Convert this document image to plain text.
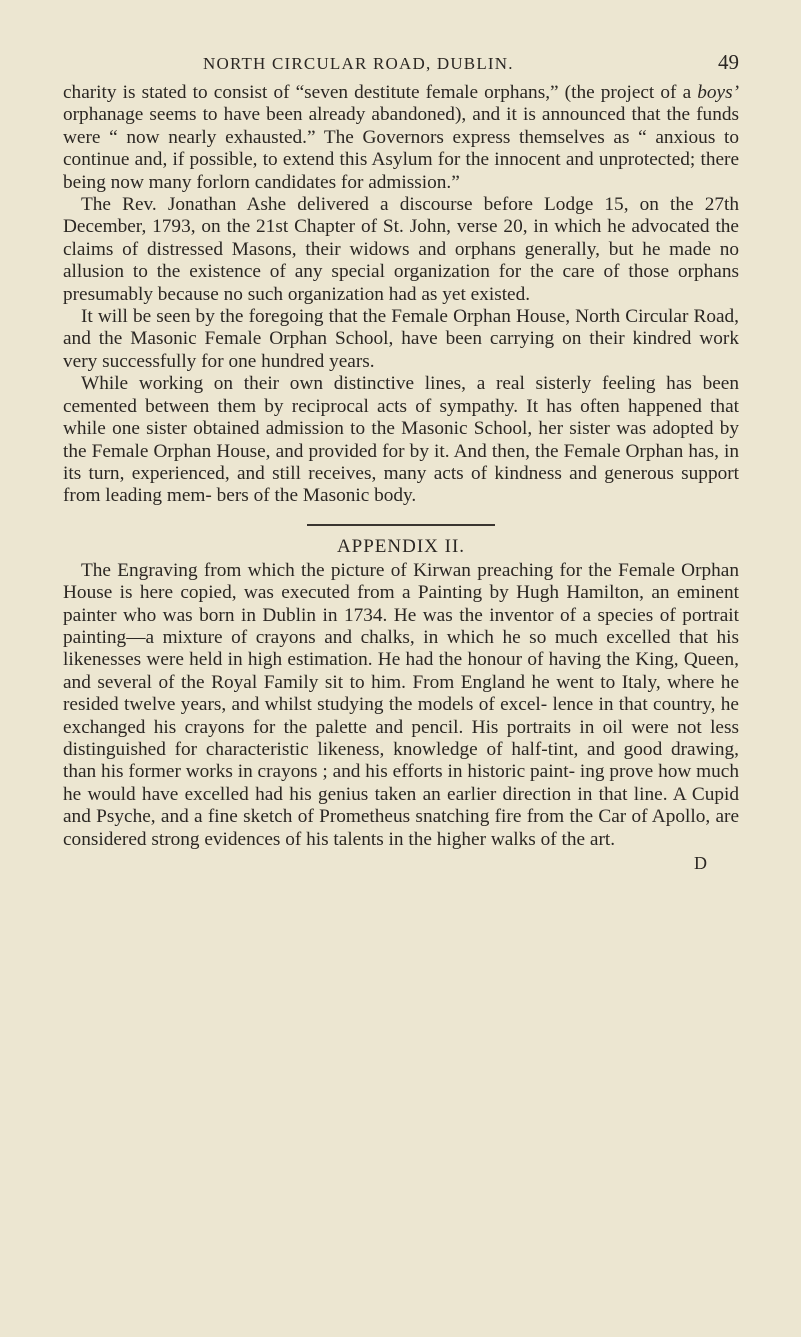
NORTH CIRCULAR ROAD, DUBLIN.	49

charity is stated to consist of “seven destitute female orphans,” (the project of a boys’ orphanage seems to have been already abandoned), and it is announced that the funds were “ now nearly exhausted.” The Governors express themselves as “ anxious to continue and, if possible, to extend this Asylum for the innocent and unprotected; there being now many forlorn candidates for admission.”

The Rev. Jonathan Ashe delivered a discourse before Lodge 15, on the 27th December, 1793, on the 21st Chapter of St. John, verse 20, in which he advocated the claims of distressed Masons, their widows and orphans generally, but he made no allusion to the existence of any special organization for the care of those orphans presumably because no such organization had as yet existed.

It will be seen by the foregoing that the Female Orphan House, North Circular Road, and the Masonic Female Orphan School, have been carrying on their kindred work very successfully for one hundred years.

While working on their own distinctive lines, a real sisterly feeling has been cemented between them by reciprocal acts of sympathy. It has often happened that while one sister obtained admission to the Masonic School, her sister was adopted by the Female Orphan House, and provided for by it. And then, the Female Orphan has, in its turn, experienced, and still receives, many acts of kindness and generous support from leading mem- bers of the Masonic body.

APPENDIX II.

The Engraving from which the picture of Kirwan preaching for the Female Orphan House is here copied, was executed from a Painting by Hugh Hamilton, an eminent painter who was born in Dublin in 1734. He was the inventor of a species of portrait painting—a mixture of crayons and chalks, in which he so much excelled that his likenesses were held in high estimation. He had the honour of having the King, Queen, and several of the Royal Family sit to him. From England he went to Italy, where he resided twelve years, and whilst studying the models of excel- lence in that country, he exchanged his crayons for the palette and pencil. His portraits in oil were not less distinguished for characteristic likeness, knowledge of half-tint, and good drawing, than his former works in crayons ; and his efforts in historic paint- ing prove how much he would have excelled had his genius taken an earlier direction in that line. A Cupid and Psyche, and a fine sketch of Prometheus snatching fire from the Car of Apollo, are considered strong evidences of his talents in the higher walks of the art.

D
